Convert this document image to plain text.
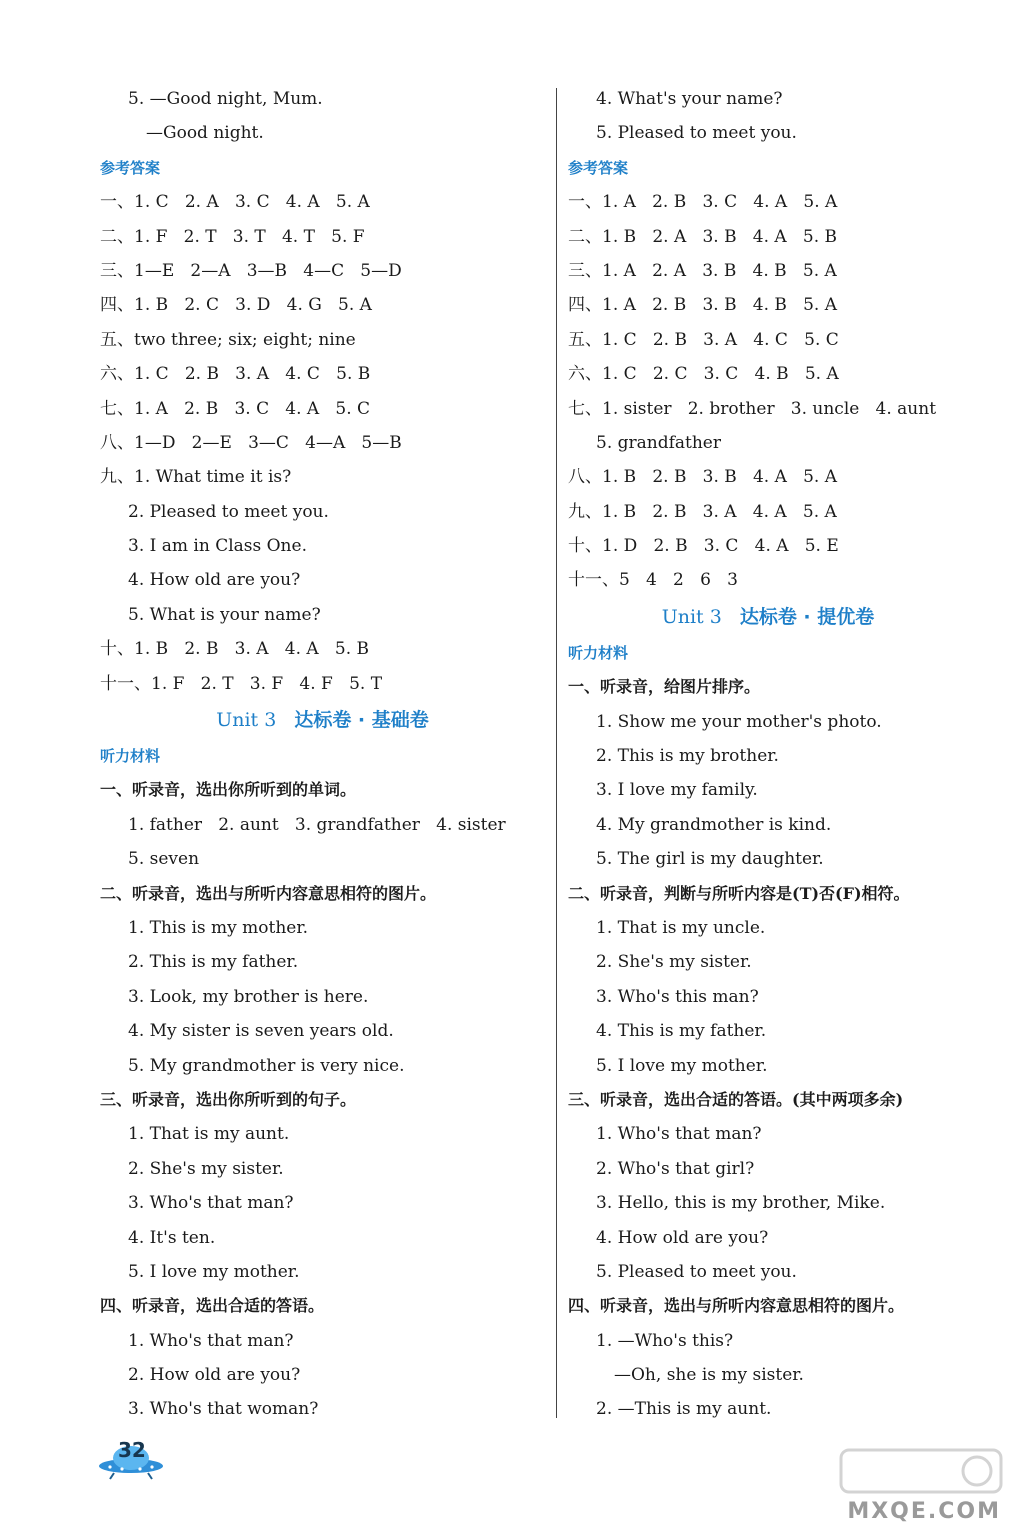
5. —Good night, Mum.
—Good night.
参考答案
一、1. C   2. A   3. C   4. A   5. A
二、1. F   2. T   3. T   4. T   5. F
三、1—E   2—A   3—B   4—C   5—D
四、1. B   2. C   3. D   4. G   5. A
五、two three; six; eight; nine
六、1. C   2. B   3. A   4. C   5. B
七、1. A   2. B   3. C   4. A   5. C
八、1—D   2—E   3—C   4—A   5—B
九、1. What time it is?
2. Pleased to meet you.
3. I am in Class One.
4. How old are you?
5. What is your name?
十、1. B   2. B   3. A   4. A   5. B
十一、1. F   2. T   3. F   4. F   5. T
Unit 3 达标卷 · 基础卷
听力材料
一、听录音，选出你所听到的单词。
1. father   2. aunt   3. grandfather   4. sister
5. seven
二、听录音，选出与所听内容意思相符的图片。
1. This is my mother.
2. This is my father.
3. Look, my brother is here.
4. My sister is seven years old.
5. My grandmother is very nice.
三、听录音，选出你所听到的句子。
1. That is my aunt.
2. She's my sister.
3. Who's that man?
4. It's ten.
5. I love my mother.
四、听录音，选出合适的答语。
1. Who's that man?
2. How old are you?
3. Who's that woman?
4. What's your name?
5. Pleased to meet you.
参考答案
一、1. A   2. B   3. C   4. A   5. A
二、1. B   2. A   3. B   4. A   5. B
三、1. A   2. A   3. B   4. B   5. A
四、1. A   2. B   3. B   4. B   5. A
五、1. C   2. B   3. A   4. C   5. C
六、1. C   2. C   3. C   4. B   5. A
七、1. sister   2. brother   3. uncle   4. aunt
5. grandfather
八、1. B   2. B   3. B   4. A   5. A
九、1. B   2. B   3. A   4. A   5. A
十、1. D   2. B   3. C   4. A   5. E
十一、5   4   2   6   3
Unit 3 达标卷 · 提优卷
听力材料
一、听录音，给图片排序。
1. Show me your mother's photo.
2. This is my brother.
3. I love my family.
4. My grandmother is kind.
5. The girl is my daughter.
二、听录音，判断与所听内容是(T)否(F)相符。
1. That is my uncle.
2. She's my sister.
3. Who's this man?
4. This is my father.
5. I love my mother.
三、听录音，选出合适的答语。(其中两项多余)
1. Who's that man?
2. Who's that girl?
3. Hello, this is my brother, Mike.
4. How old are you?
5. Pleased to meet you.
四、听录音，选出与所听内容意思相符的图片。
1. —Who's this?
—Oh, she is my sister.
2. —This is my aunt.
32
MXQE.COM
